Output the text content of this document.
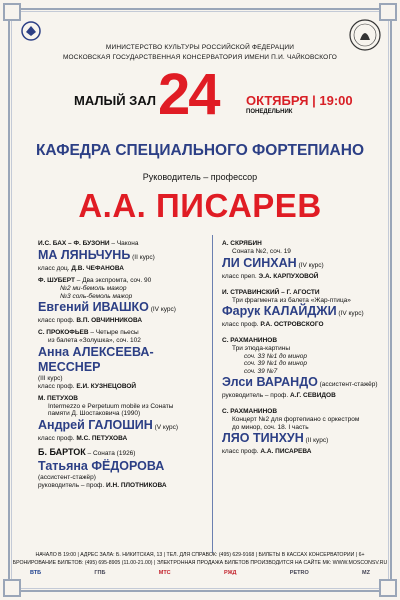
МИНИСТЕРСТВО КУЛЬТУРЫ РОССИЙСКОЙ ФЕДЕРАЦИИ
МОСКОВСКАЯ ГОСУДАРСТВЕННАЯ КОНСЕРВАТОРИЯ ИМЕНИ П.И. ЧАЙКОВСКОГО
МАЛЫЙ ЗАЛ 24 ОКТЯБРЯ | 19:00
ПОНЕДЕЛЬНИК
КАФЕДРА СПЕЦИАЛЬНОГО ФОРТЕПИАНО
Руководитель – профессор
А.А. ПИСАРЕВ
И.С. БАХ – Ф. БУЗОНИ – Чакона
МА ЛЯНЬЧУНЬ (II курс)
класс доц. Д.В. ЧЕФАНОВА
Ф. ШУБЕРТ – Два экспромта, соч. 90
№2 ми-бемоль мажор
№3 соль-бемоль мажор
Евгений ИВАШКО (IV курс)
класс проф. В.П. ОВЧИННИКОВА
С. ПРОКОФЬЕВ – Четыре пьесы
из балета «Золушка», соч. 102
Анна АЛЕКСЕЕВА-МЕССНЕР
(III курс)
класс проф. Е.И. КУЗНЕЦОВОЙ
М. ПЕТУХОВ
Intermezzo e Perpetuum mobile из Сонаты
памяти Д. Шостаковича (1990)
Андрей ГАЛОШИН (V курс)
класс проф. М.С. ПЕТУХОВА
Б. БАРТОК – Соната (1926)
Татьяна ФЁДОРОВА
(ассистент-стажёр)
руководитель – проф. И.Н. ПЛОТНИКОВА
А. СКРЯБИН
Соната №2, соч. 19
ЛИ СИНХАН (IV курс)
класс преп. Э.А. КАРПУХОВОЙ
И. СТРАВИНСКИЙ – Г. АГОСТИ
Три фрагмента из балета «Жар-птица»
Фарук КАЛАЙДЖИ (IV курс)
класс проф. Р.А. ОСТРОВСКОГО
С. РАХМАНИНОВ
Три этюда-картины
соч. 33 №1 до минор
соч. 39 №1 до минор
соч. 39 №7
Элси ВАРАНДО (ассистент-стажёр)
руководитель – проф. А.Г. СЕВИДОВ
С. РАХМАНИНОВ
Концерт №2 для фортепиано с оркестром
до минор, соч. 18. I часть
ЛЯО ТИНХУН (II курс)
класс проф. А.А. ПИСАРЕВА
НАЧАЛО В 19:00 | АДРЕС ЗАЛА: Б. НИКИТСКАЯ, 13 | ТЕЛ. ДЛЯ СПРАВОК: (495) 629-9168 | БИЛЕТЫ В КАССАХ КОНСЕРВАТОРИИ | 6+
БРОНИРОВАНИЕ БИЛЕТОВ: (495) 695-8905 (11.00-21.00) | ЭЛЕКТРОННАЯ ПРОДАЖА БИЛЕТОВ ПРОИЗВОДИТСЯ НА САЙТЕ МК: WWW.MOSCONSV.RU
ВТБ	ГПБ	МТС	РЖД	PETRO	MZ
